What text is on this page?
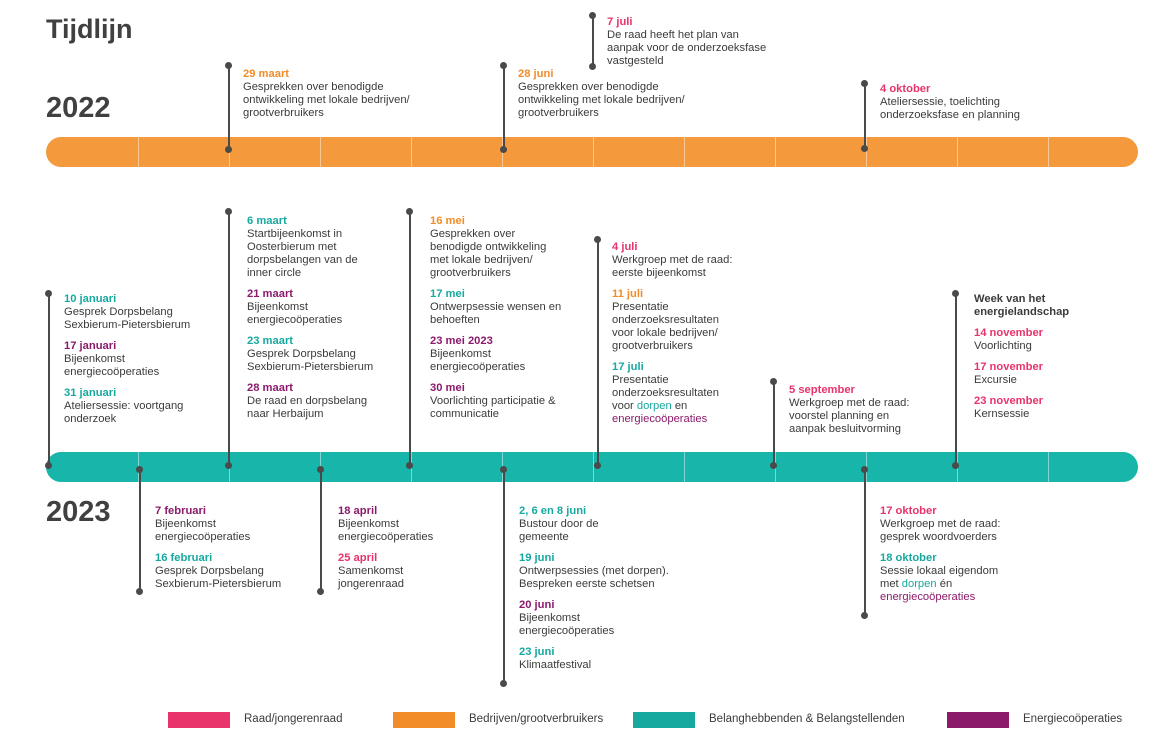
Tijdlijn
2022
29 maart
Gesprekken over benodigde
ontwikkeling met lokale bedrijven/
grootverbruikers
28 juni
Gesprekken over benodigde
ontwikkeling met lokale bedrijven/
grootverbruikers
7 juli
De raad heeft het plan van
aanpak voor de onderzoeksfase
vastgesteld
4 oktober
Ateliersessie, toelichting
onderzoeksfase en planning
2023
10 januari
Gesprek Dorpsbelang
Sexbierum-Pietersbierum
17 januari
Bijeenkomst
energiecoöperaties
31 januari
Ateliersessie: voortgang
onderzoek
6 maart
Startbijeenkomst in
Oosterbierum met
dorpsbelangen van de
inner circle
21 maart
Bijeenkomst
energiecoöperaties
23 maart
Gesprek Dorpsbelang
Sexbierum-Pietersbierum
28 maart
De raad en dorpsbelang
naar Herbaijum
16 mei
Gesprekken over
benodigde ontwikkeling
met lokale bedrijven/
grootverbruikers
17 mei
Ontwerpsessie wensen en
behoeften
23 mei 2023
Bijeenkomst
energiecoöperaties
30 mei
Voorlichting participatie &
communicatie
4 juli
Werkgroep met de raad:
eerste bijeenkomst
11 juli
Presentatie
onderzoeksresultaten
voor lokale bedrijven/
grootverbruikers
17 juli
Presentatie
onderzoeksresultaten
voor dorpen en
energiecoöperaties
5 september
Werkgroep met de raad:
voorstel planning en
aanpak besluitvorming
Week van het
energielandschap
14 november
Voorlichting
17 november
Excursie
23 november
Kernsessie
7 februari
Bijeenkomst
energiecoöperaties
16 februari
Gesprek Dorpsbelang
Sexbierum-Pietersbierum
18 april
Bijeenkomst
energiecoöperaties
25 april
Samenkomst
jongerenraad
2, 6 en 8 juni
Bustour door de
gemeente
19 juni
Ontwerpsessies (met dorpen).
Bespreken eerste schetsen
20 juni
Bijeenkomst
energiecoöperaties
23 juni
Klimaatfestival
17 oktober
Werkgroep met de raad:
gesprek woordvoerders
18 oktober
Sessie lokaal eigendom
met dorpen én
energiecoöperaties
Raad/jongerenraad	Bedrijven/grootverbruikers	Belanghebbenden & Belangstellenden	Energiecoöperaties
